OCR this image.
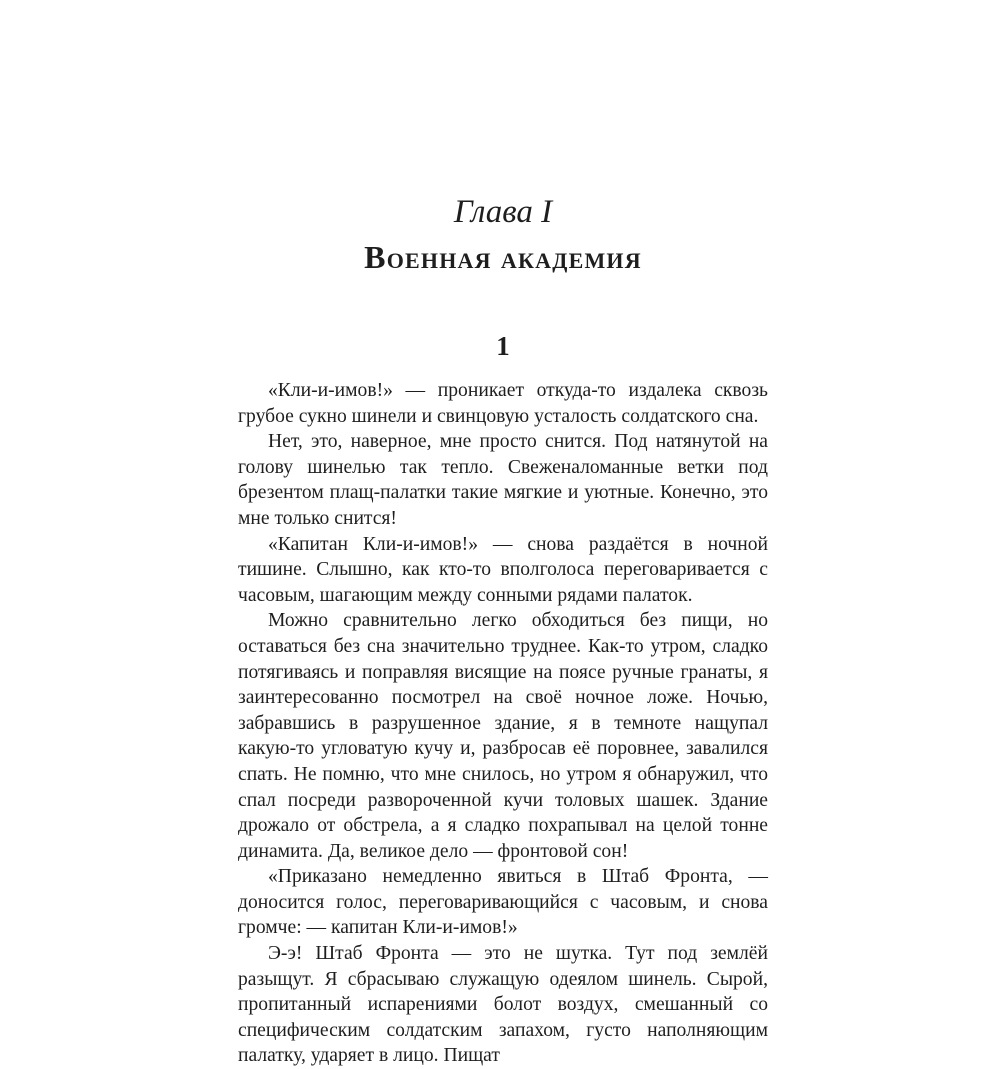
Глава I
Военная академия
1

«Кли-и-имов!» — проникает откуда-то издалека сквозь грубое сукно шинели и свинцовую усталость солдатского сна.

Нет, это, наверное, мне просто снится. Под натянутой на голову шинелью так тепло. Свеженаломанные ветки под брезентом плащ-палатки такие мягкие и уютные. Конечно, это мне только снится!

«Капитан Кли-и-имов!» — снова раздаётся в ночной тишине. Слышно, как кто-то вполголоса переговаривается с часовым, шагающим между сонными рядами палаток.

Можно сравнительно легко обходиться без пищи, но оставаться без сна значительно труднее. Как-то утром, сладко потягиваясь и поправляя висящие на поясе ручные гранаты, я заинтересованно посмотрел на своё ночное ложе. Ночью, забравшись в разрушенное здание, я в темноте нащупал какую-то угловатую кучу и, разбросав её поровнее, завалился спать. Не помню, что мне снилось, но утром я обнаружил, что спал посреди развороченной кучи толовых шашек. Здание дрожало от обстрела, а я сладко похрапывал на целой тонне динамита. Да, великое дело — фронтовой сон!

«Приказано немедленно явиться в Штаб Фронта, — доносится голос, переговаривающийся с часовым, и снова громче: — капитан Кли-и-имов!»

Э-э! Штаб Фронта — это не шутка. Тут под землёй разыщут. Я сбрасываю служащую одеялом шинель. Сырой, пропитанный испарениями болот воздух, смешанный со специфическим солдатским запахом, густо наполняющим палатку, ударяет в лицо. Пищат
